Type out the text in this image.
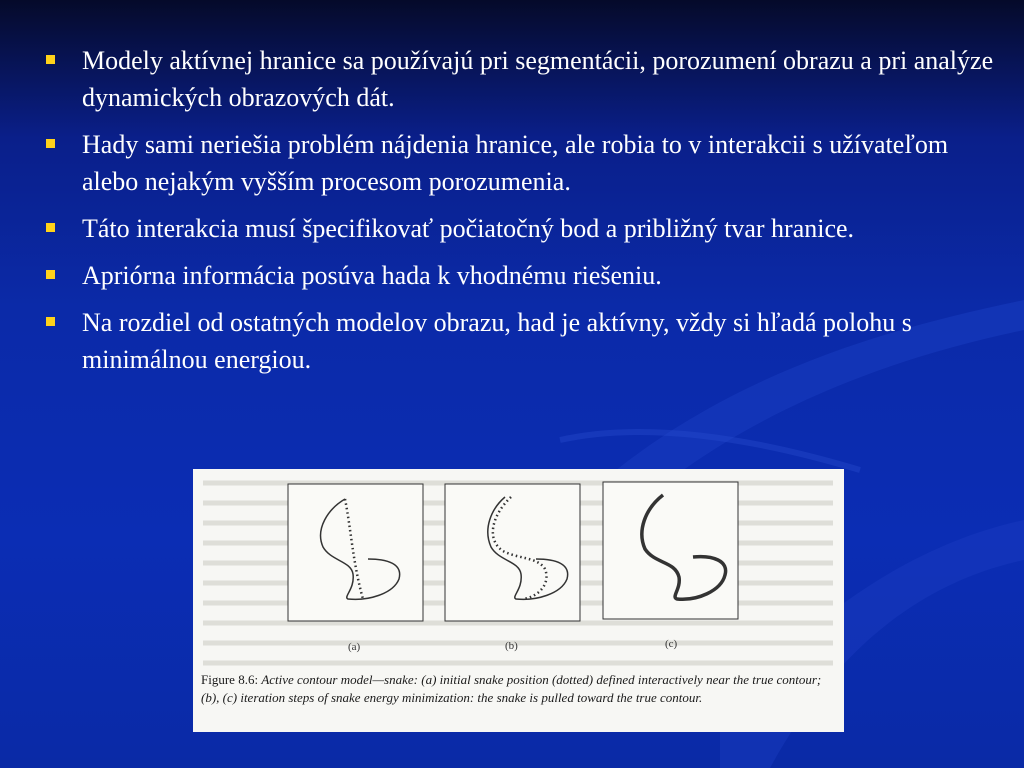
Modely aktívnej hranice sa používajú pri segmentácii, porozumení obrazu a pri analýze dynamických obrazových dát.
Hady sami neriešia problém nájdenia hranice, ale robia to v interakcii s užívateľom alebo nejakým vyšším procesom porozumenia.
Táto interakcia musí špecifikovať počiatočný bod a približný tvar hranice.
Apriórna informácia posúva hada k vhodnému riešeniu.
Na rozdiel od ostatných modelov obrazu, had je aktívny, vždy si hľadá polohu s minimálnou energiou.
(a)	(b)	(c)
Figure 8.6: Active contour model—snake: (a) initial snake position (dotted) defined interactively near the true contour; (b), (c) iteration steps of snake energy minimization: the snake is pulled toward the true contour.
